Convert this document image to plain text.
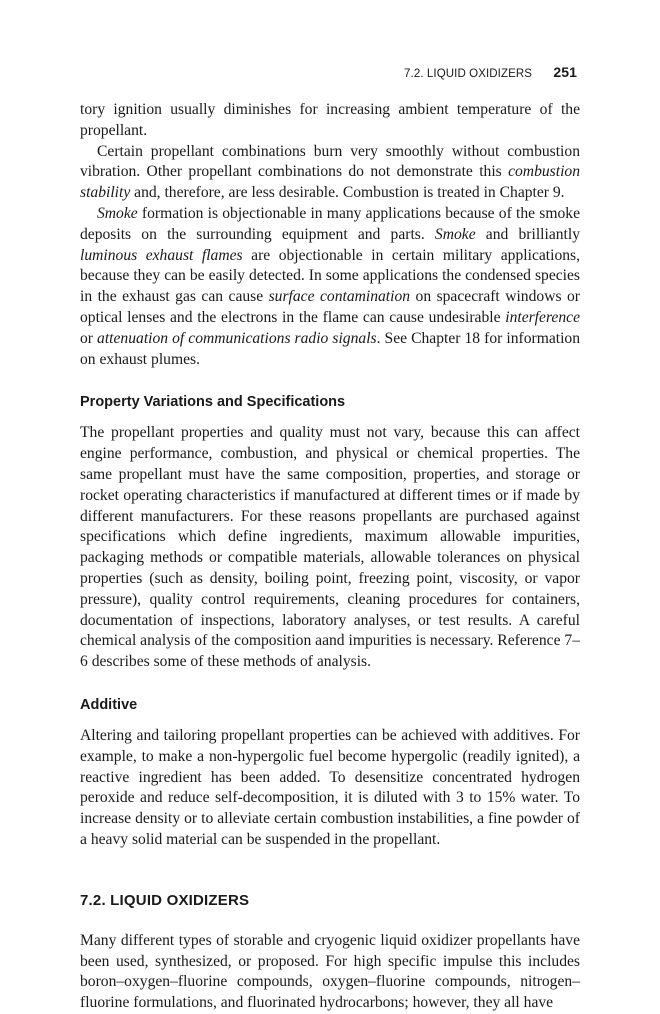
7.2. LIQUID OXIDIZERS 251

tory ignition usually diminishes for increasing ambient temperature of the propellant.

Certain propellant combinations burn very smoothly without combustion vibration. Other propellant combinations do not demonstrate this combustion stability and, therefore, are less desirable. Combustion is treated in Chapter 9.

Smoke formation is objectionable in many applications because of the smoke deposits on the surrounding equipment and parts. Smoke and brilliantly luminous exhaust flames are objectionable in certain military applications, because they can be easily detected. In some applications the condensed species in the exhaust gas can cause surface contamination on spacecraft windows or optical lenses and the electrons in the flame can cause undesirable interference or attenuation of communications radio signals. See Chapter 18 for information on exhaust plumes.

Property Variations and Specifications

The propellant properties and quality must not vary, because this can affect engine performance, combustion, and physical or chemical properties. The same propellant must have the same composition, properties, and storage or rocket operating characteristics if manufactured at different times or if made by different manufacturers. For these reasons propellants are purchased against specifications which define ingredients, maximum allowable impurities, packaging methods or compatible materials, allowable tolerances on physical properties (such as density, boiling point, freezing point, viscosity, or vapor pressure), quality control requirements, cleaning procedures for containers, documentation of inspections, laboratory analyses, or test results. A careful chemical analysis of the composition aand impurities is necessary. Reference 7–6 describes some of these methods of analysis.

Additive

Altering and tailoring propellant properties can be achieved with additives. For example, to make a non-hypergolic fuel become hypergolic (readily ignited), a reactive ingredient has been added. To desensitize concentrated hydrogen peroxide and reduce self-decomposition, it is diluted with 3 to 15% water. To increase density or to alleviate certain combustion instabilities, a fine powder of a heavy solid material can be suspended in the propellant.

7.2. LIQUID OXIDIZERS

Many different types of storable and cryogenic liquid oxidizer propellants have been used, synthesized, or proposed. For high specific impulse this includes boron–oxygen–fluorine compounds, oxygen–fluorine compounds, nitrogen–fluorine formulations, and fluorinated hydrocarbons; however, they all have
